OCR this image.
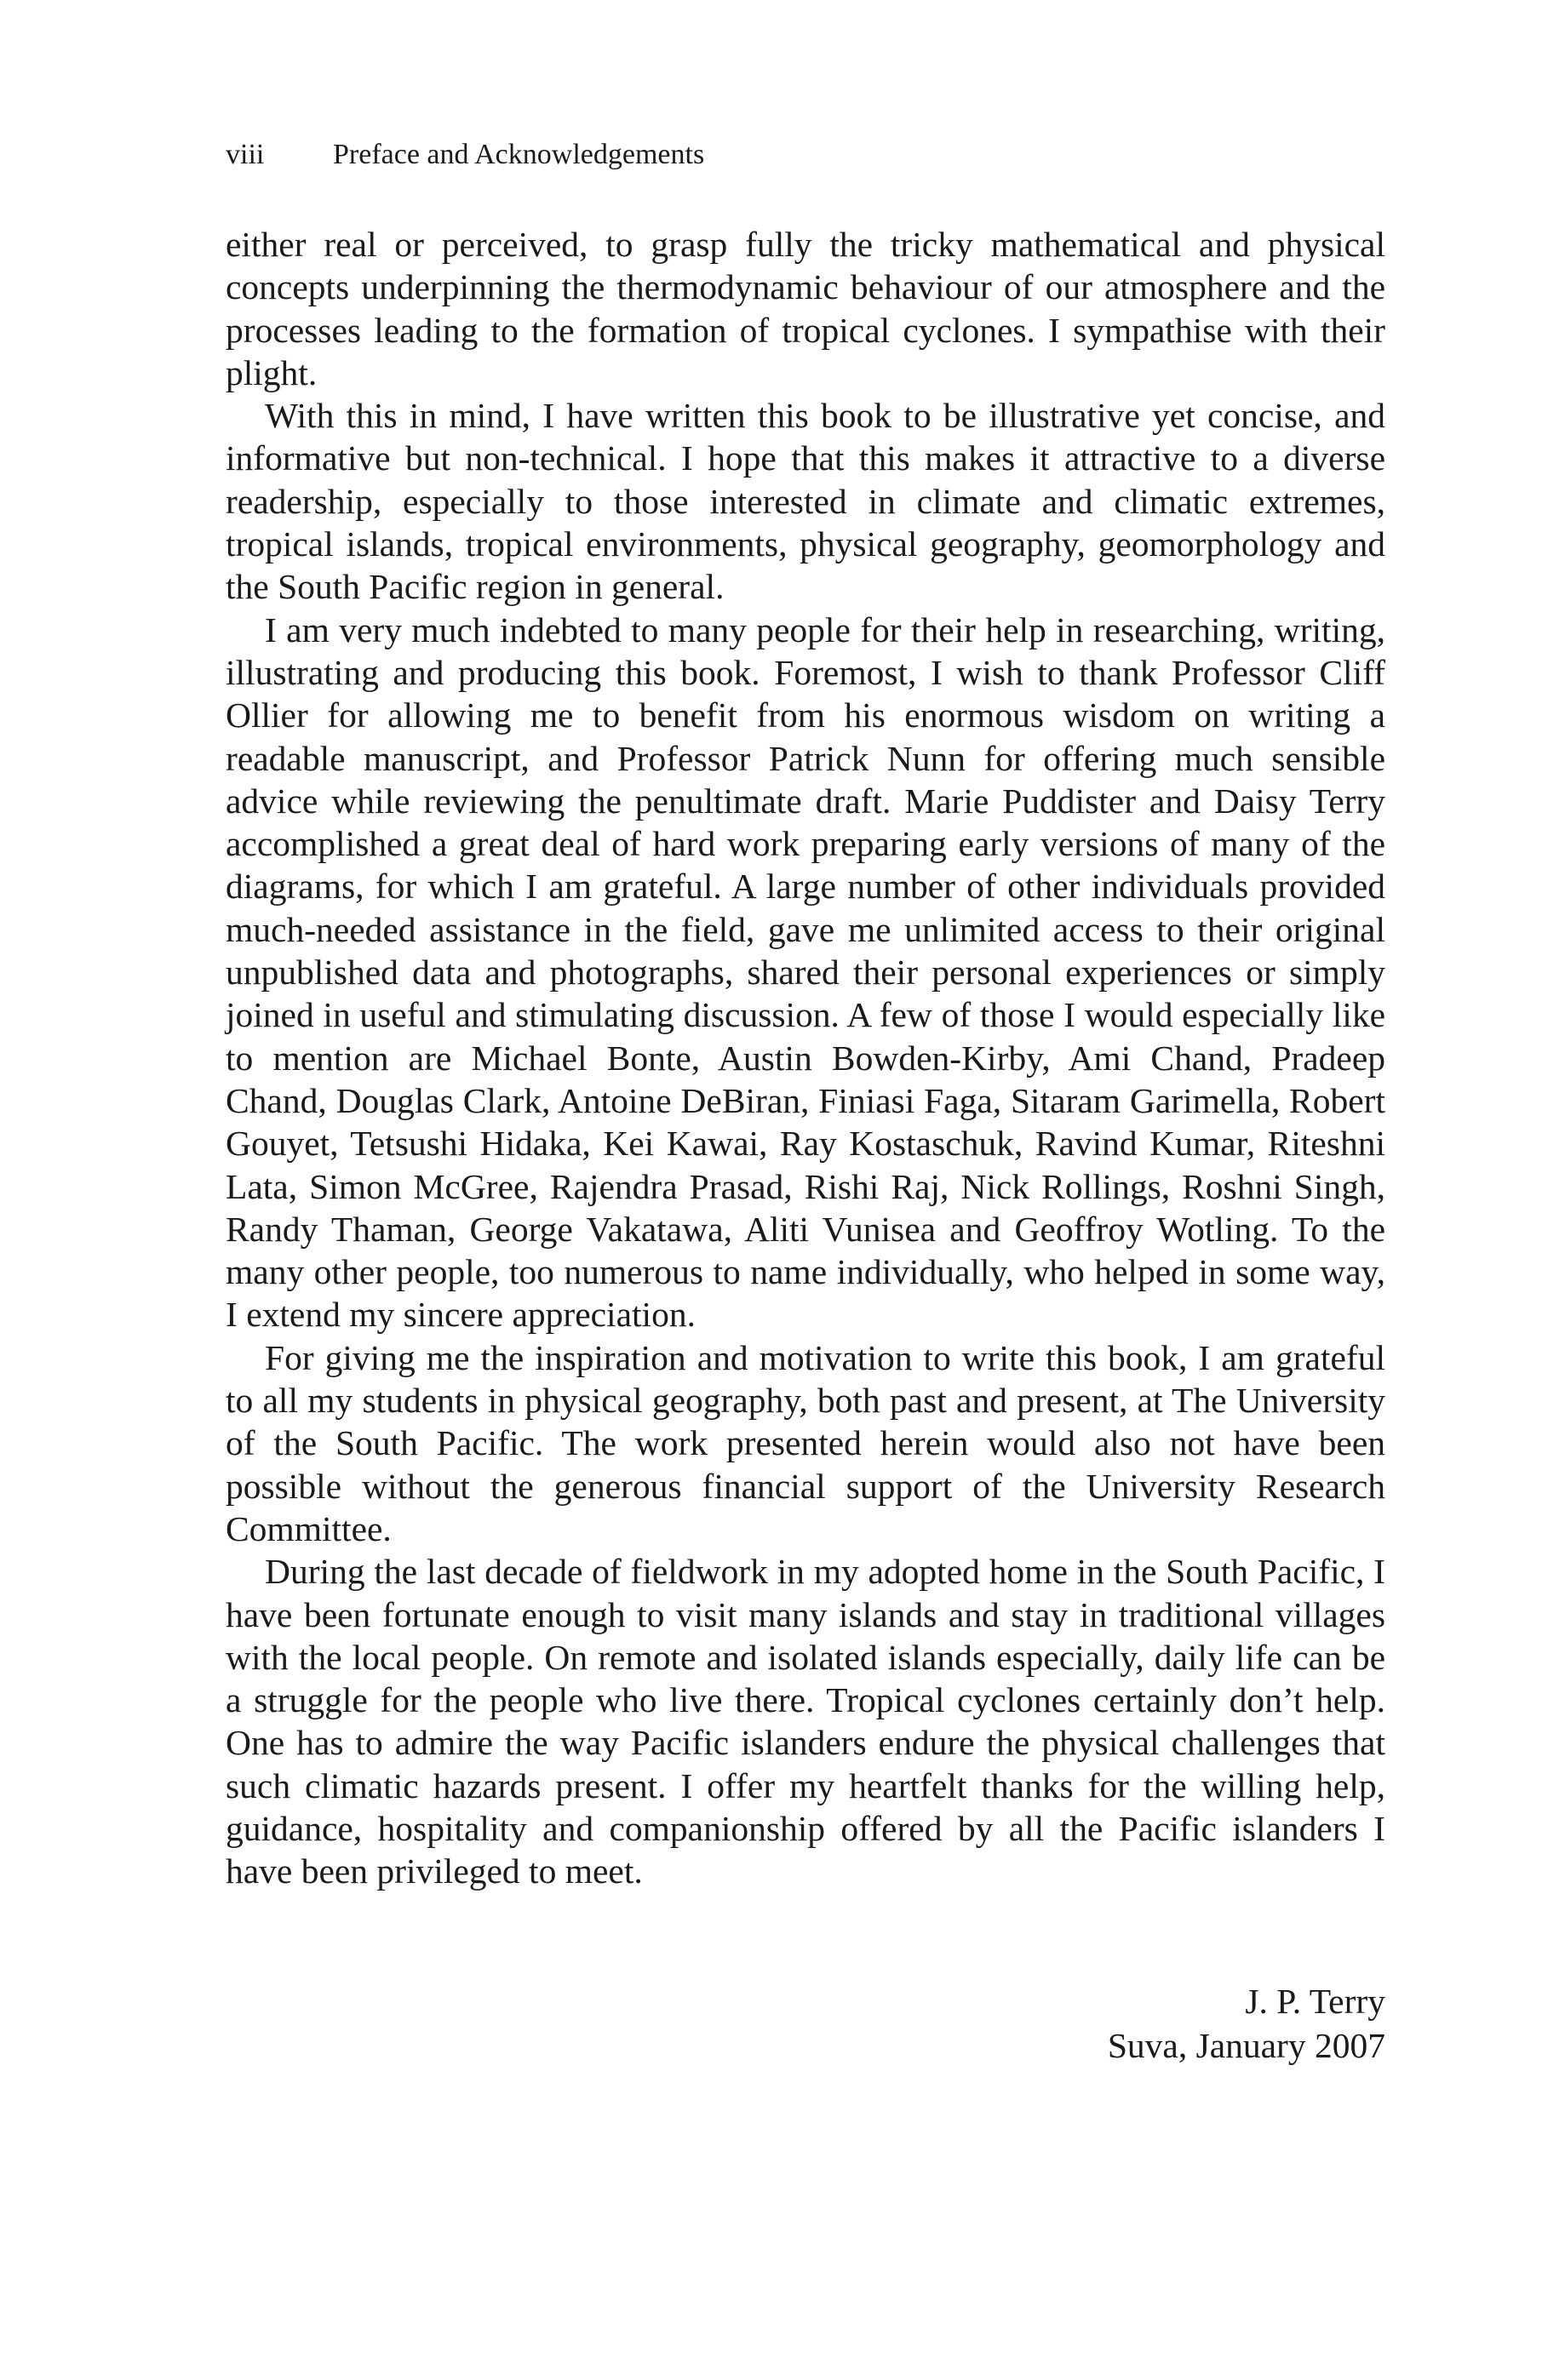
viii Preface and Acknowledgements

either real or perceived, to grasp fully the tricky mathematical and physical concepts underpinning the thermodynamic behaviour of our atmosphere and the processes leading to the formation of tropical cyclones. I sympathise with their plight.

With this in mind, I have written this book to be illustrative yet concise, and informative but non-technical. I hope that this makes it attractive to a diverse readership, especially to those interested in climate and climatic extremes, tropical islands, tropical environments, physical geography, geomorphology and the South Pacific region in general.

I am very much indebted to many people for their help in researching, writing, illustrating and producing this book. Foremost, I wish to thank Professor Cliff Ollier for allowing me to benefit from his enormous wisdom on writing a readable manuscript, and Professor Patrick Nunn for offering much sensible advice while reviewing the penultimate draft. Marie Puddister and Daisy Terry accomplished a great deal of hard work preparing early versions of many of the diagrams, for which I am grateful. A large number of other individuals provided much-needed assistance in the field, gave me unlimited access to their original unpublished data and photographs, shared their personal experiences or simply joined in useful and stimulating discussion. A few of those I would especially like to mention are Michael Bonte, Austin Bowden-Kirby, Ami Chand, Pradeep Chand, Douglas Clark, Antoine DeBiran, Finiasi Faga, Sitaram Garimella, Robert Gouyet, Tetsushi Hidaka, Kei Kawai, Ray Kostaschuk, Ravind Kumar, Riteshni Lata, Simon McGree, Rajendra Prasad, Rishi Raj, Nick Rollings, Roshni Singh, Randy Thaman, George Vakatawa, Aliti Vunisea and Geoffroy Wotling. To the many other people, too numerous to name individually, who helped in some way, I extend my sincere appreciation.

For giving me the inspiration and motivation to write this book, I am grateful to all my students in physical geography, both past and present, at The University of the South Pacific. The work presented herein would also not have been possible without the generous financial support of the University Research Committee.

During the last decade of fieldwork in my adopted home in the South Pacific, I have been fortunate enough to visit many islands and stay in traditional villages with the local people. On remote and isolated islands especially, daily life can be a struggle for the people who live there. Tropical cyclones certainly don’t help. One has to admire the way Pacific islanders endure the physical challenges that such climatic hazards present. I offer my heartfelt thanks for the willing help, guidance, hospitality and companionship offered by all the Pacific islanders I have been privileged to meet.

J. P. Terry
Suva, January 2007
